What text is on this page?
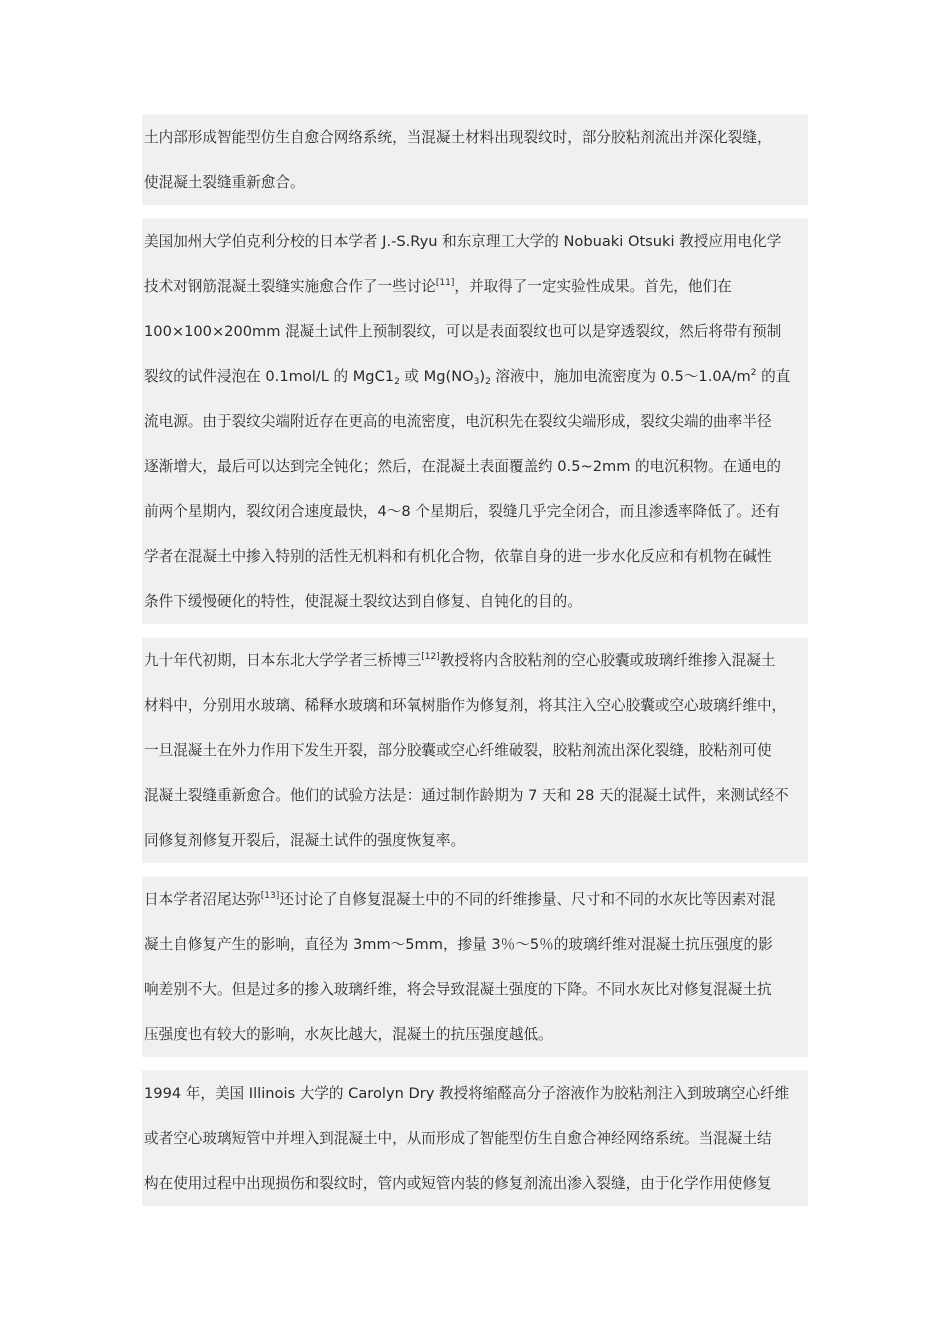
土内部形成智能型仿生自愈合网络系统，当混凝土材料出现裂纹时，部分胶粘剂流出并深化裂缝，
使混凝土裂缝重新愈合。
美国加州大学伯克利分校的日本学者 J.-S.Ryu 和东京理工大学的 Nobuaki Otsuki 教授应用电化学
技术对钢筋混凝土裂缝实施愈合作了一些讨论[11]，并取得了一定实验性成果。首先，他们在
100×100×200mm 混凝土试件上预制裂纹，可以是表面裂纹也可以是穿透裂纹，然后将带有预制
裂纹的试件浸泡在 0.1mol/L 的 $MgC1_2$ 或 $Mg(NO_3)_2$ 溶液中，施加电流密度为 $0.5\sim 1.0A/m^2$ 的直
流电源。由于裂纹尖端附近存在更高的电流密度，电沉积先在裂纹尖端形成，裂纹尖端的曲率半径
逐渐增大，最后可以达到完全钝化；然后，在混凝土表面覆盖约 0.5~2mm 的电沉积物。在通电的
前两个星期内，裂纹闭合速度最快，4～8 个星期后，裂缝几乎完全闭合，而且渗透率降低了。还有
学者在混凝土中掺入特别的活性无机料和有机化合物，依靠自身的进一步水化反应和有机物在碱性
条件下缓慢硬化的特性，使混凝土裂纹达到自修复、自钝化的目的。
九十年代初期，日本东北大学学者三桥博三[12]教授将内含胶粘剂的空心胶囊或玻璃纤维掺入混凝土
材料中，分别用水玻璃、稀释水玻璃和环氧树脂作为修复剂，将其注入空心胶囊或空心玻璃纤维中，
一旦混凝土在外力作用下发生开裂，部分胶囊或空心纤维破裂，胶粘剂流出深化裂缝，胶粘剂可使
混凝土裂缝重新愈合。他们的试验方法是：通过制作龄期为 7 天和 28 天的混凝土试件，来测试经不
同修复剂修复开裂后，混凝土试件的强度恢复率。
日本学者沼尾达弥[13]还讨论了自修复混凝土中的不同的纤维掺量、尺寸和不同的水灰比等因素对混
凝土自修复产生的影响，直径为 3mm～5mm，掺量 3％～5％的玻璃纤维对混凝土抗压强度的影
响差别不大。但是过多的掺入玻璃纤维，将会导致混凝土强度的下降。不同水灰比对修复混凝土抗
压强度也有较大的影响，水灰比越大，混凝土的抗压强度越低。
1994 年，美国 Illinois 大学的 Carolyn Dry 教授将缩醛高分子溶液作为胶粘剂注入到玻璃空心纤维
或者空心玻璃短管中并埋入到混凝土中，从而形成了智能型仿生自愈合神经网络系统。当混凝土结
构在使用过程中出现损伤和裂纹时，管内或短管内装的修复剂流出渗入裂缝，由于化学作用使修复
